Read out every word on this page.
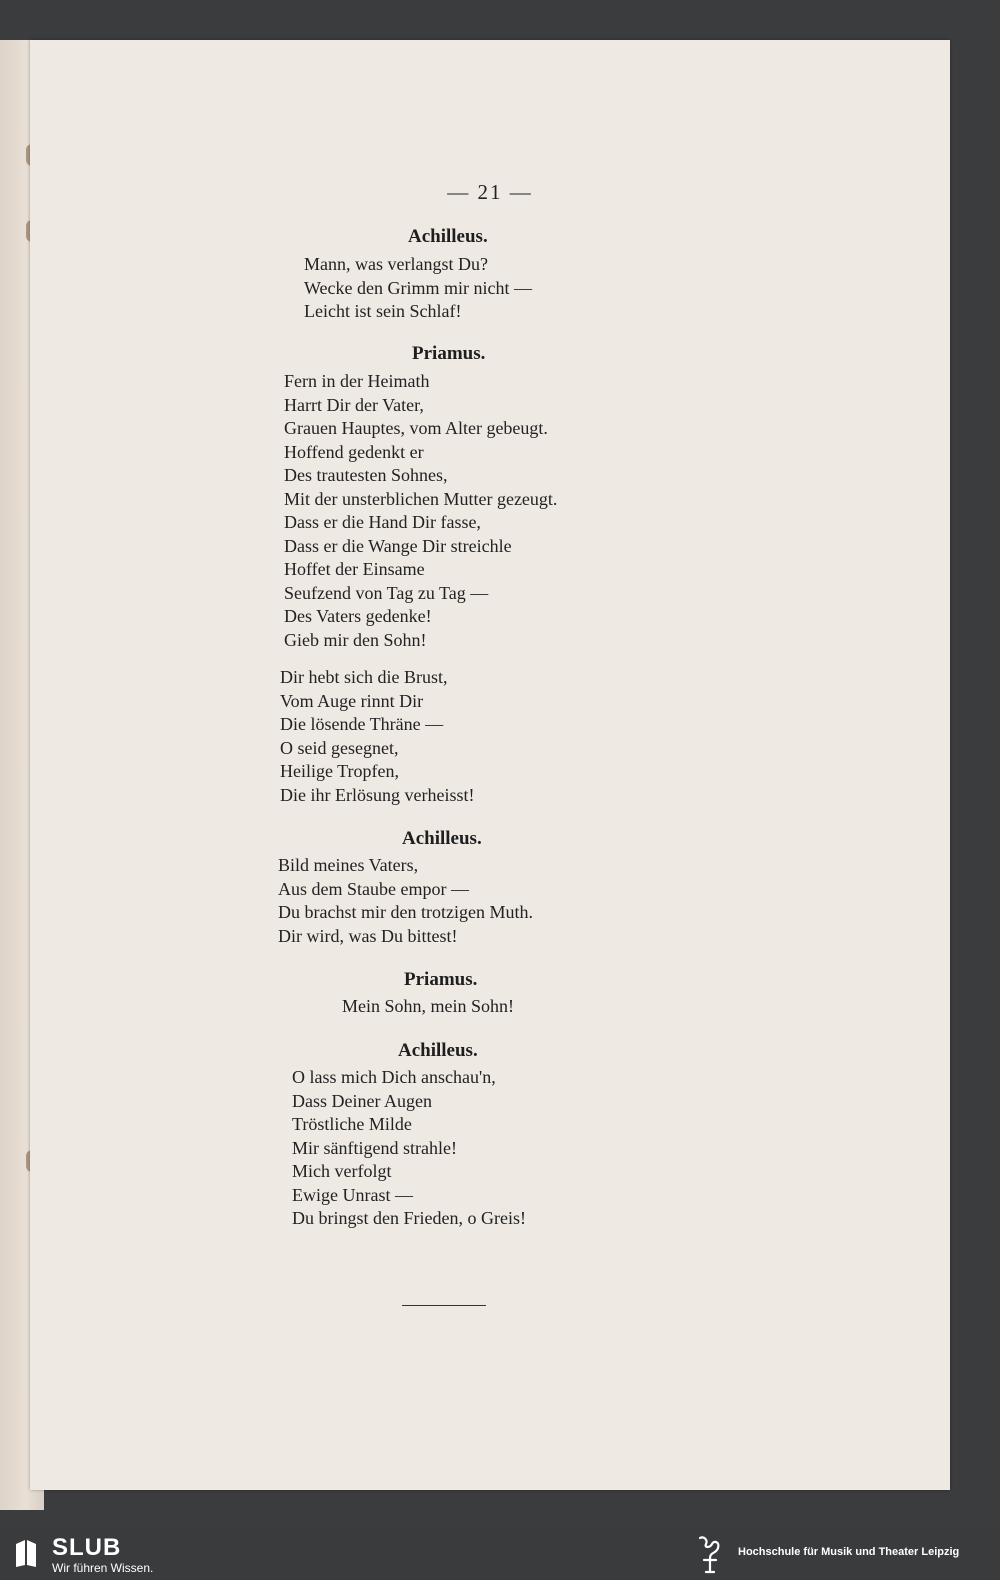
— 21 —
Achilleus.
Mann, was verlangst Du?
Wecke den Grimm mir nicht —
Leicht ist sein Schlaf!
Priamus.
Fern in der Heimath
Harrt Dir der Vater,
Grauen Hauptes, vom Alter gebeugt.
Hoffend gedenkt er
Des trautesten Sohnes,
Mit der unsterblichen Mutter gezeugt.
Dass er die Hand Dir fasse,
Dass er die Wange Dir streichle
Hoffet der Einsame
Seufzend von Tag zu Tag —
Des Vaters gedenke!
Gieb mir den Sohn!
Dir hebt sich die Brust,
Vom Auge rinnt Dir
Die lösende Thräne —
O seid gesegnet,
Heilige Tropfen,
Die ihr Erlösung verheisst!
Achilleus.
Bild meines Vaters,
Aus dem Staube empor —
Du brachst mir den trotzigen Muth.
Dir wird, was Du bittest!
Priamus.
Mein Sohn, mein Sohn!
Achilleus.
O lass mich Dich anschau'n,
Dass Deiner Augen
Tröstliche Milde
Mir sänftigend strahle!
Mich verfolgt
Ewige Unrast —
Du bringst den Frieden, o Greis!
SLUB
Wir führen Wissen.
Hochschule für Musik und Theater Leipzig
